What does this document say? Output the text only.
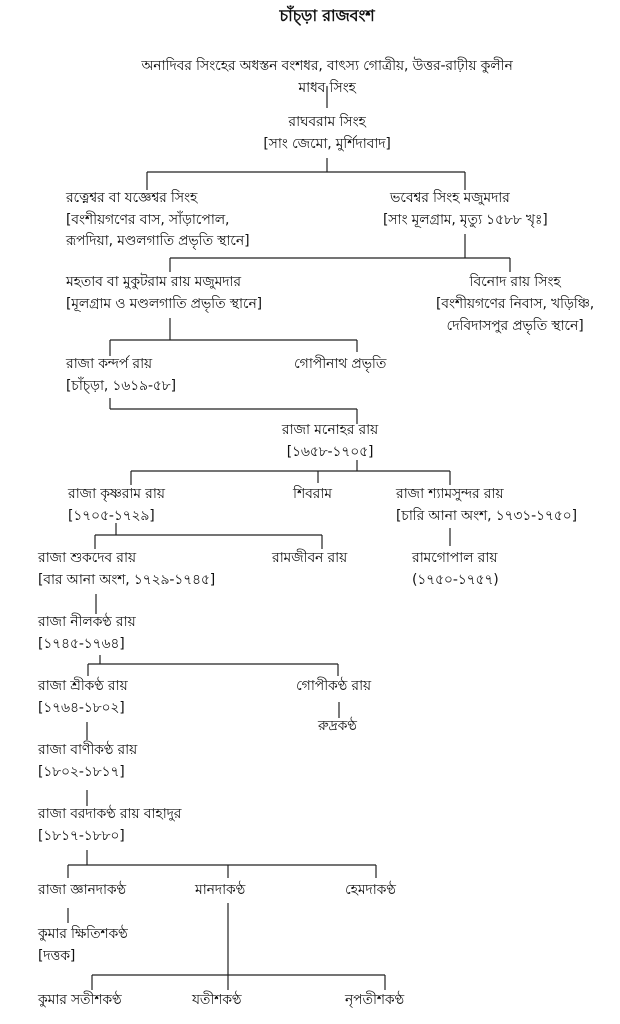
চাঁচ্ড়া রাজবংশ
অনাদিবর সিংহের অধস্তন বংশধর, বাৎস্য গোত্রীয়, উত্তর-রাঢ়ীয় কুলীন
মাধব সিংহ
রাঘবরাম সিংহ
[সাং জেমো, মুর্শিদাবাদ]
রত্নেশ্বর বা যজ্ঞেশ্বর সিংহ
[বংশীয়গণের বাস, সাঁড়াপোল,
রূপদিয়া, মণ্ডলগাতি প্রভৃতি স্থানে]
ভবেশ্বর সিংহ মজুমদার
[সাং মূলগ্রাম, মৃত্যু ১৫৮৮ খৃঃ]
মহতাব বা মুকুটরাম রায় মজুমদার
[মূলগ্রাম ও মণ্ডলগাতি প্রভৃতি স্থানে]
বিনোদ রায় সিংহ
[বংশীয়গণের নিবাস, খড়িঞ্চি,
দেবিদাসপুর প্রভৃতি স্থানে]
রাজা কন্দর্প রায়
[চাঁচ্ড়া, ১৬১৯-৫৮]
গোপীনাথ প্রভৃতি
রাজা মনোহর রায়
[১৬৫৮-১৭০৫]
রাজা কৃষ্ণরাম রায়
[১৭০৫-১৭২৯]
শিবরাম	রাজা শ্যামসুন্দর রায়
[চারি আনা অংশ, ১৭৩১-১৭৫০]
রাজা শুকদেব রায়
[বার আনা অংশ, ১৭২৯-১৭৪৫]
রামজীবন রায়	রামগোপাল রায়
(১৭৫০-১৭৫৭)
রাজা নীলকণ্ঠ রায়
[১৭৪৫-১৭৬৪]
রাজা শ্রীকণ্ঠ রায়
[১৭৬৪-১৮০২]
গোপীকণ্ঠ রায়
রুদ্রকণ্ঠ
রাজা বাণীকণ্ঠ রায়
[১৮০২-১৮১৭]
রাজা বরদাকণ্ঠ রায় বাহাদুর
[১৮১৭-১৮৮০]
রাজা জ্ঞানদাকণ্ঠ	মানদাকণ্ঠ	হেমদাকণ্ঠ
কুমার ক্ষিতিশকণ্ঠ
[দত্তক]
কুমার সতীশকণ্ঠ	যতীশকণ্ঠ	নৃপতীশকণ্ঠ
